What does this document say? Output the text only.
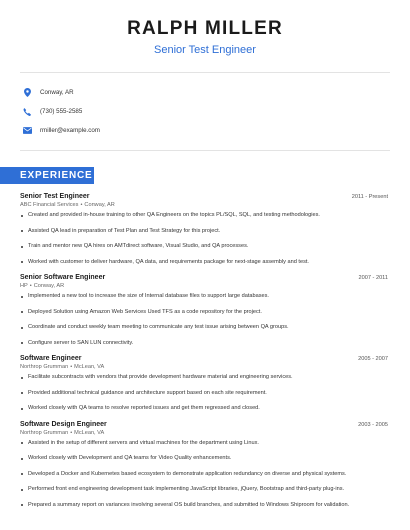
RALPH MILLER
Senior Test Engineer
Conway, AR
(730) 555-2585
rmiller@example.com
EXPERIENCE
Senior Test Engineer	2011 - Present
ABC Financial Services • Conway, AR
Created and provided in-house training to other QA Engineers on the topics PL/SQL, SQL, and testing methodologies.
Assisted QA lead in preparation of Test Plan and Test Strategy for this project.
Train and mentor new QA hires on AMTdirect software, Visual Studio, and QA processes.
Worked with customer to deliver hardware, QA data, and requirements package for next-stage assembly and test.
Senior Software Engineer	2007 - 2011
HP • Conway, AR
Implemented a new tool to increase the size of Internal database files to support large databases.
Deployed Solution using Amazon Web Services Used TFS as a code repository for the project.
Coordinate and conduct weekly team meeting to communicate any test issue arising between QA groups.
Configure server to SAN LUN connectivity.
Software Engineer	2005 - 2007
Northrop Grumman • McLean, VA
Facilitate subcontracts with vendors that provide development hardware material and engineering services.
Provided additional technical guidance and architecture support based on each site requirement.
Worked closely with QA teams to resolve reported issues and get them regressed and closed.
Software Design Engineer	2003 - 2005
Northrop Grumman • McLean, VA
Assisted in the setup of different servers and virtual machines for the department using Linux.
Worked closely with Development and QA teams for Video Quality enhancements.
Developed a Docker and Kubernetes based ecosystem to demonstrate application redundancy on diverse and physical systems.
Performed front end engineering development task implementing JavaScript libraries, jQuery, Bootstrap and third-party plug-ins.
Prepared a summary report on variances involving several OS build branches, and submitted to Windows Shiproom for validation.
